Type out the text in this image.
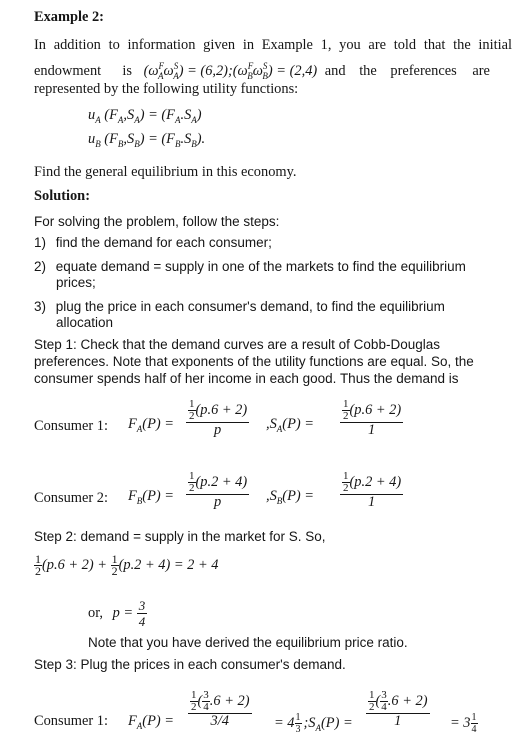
Example 2:
In addition to information given in Example 1, you are told that the initial
endowment is $(\omega^F_A\omega^S_A)$ = $(6,2);(\omega^F_B\omega^S_B) = (2,4)$ and the preferences are
represented by the following utility functions:
$u_A$ $(F_A,S_A) = (F_A.S_A)$
$u_B$ $(F_B,S_B) = (F_B.S_B)$.
Find the general equilibrium in this economy.
Solution:
For solving the problem, follow the steps:
1) find the demand for each consumer;
2) equate demand = supply in one of the markets to find the equilibrium
prices;
3) plug the price in each consumer's demand, to find the equilibrium
allocation
Step 1: Check that the demand curves are a result of Cobb-Douglas
preferences. Note that exponents of the utility functions are equal. So, the
consumer spends half of her income in each good. Thus the demand is
Consumer 1: $F_A(P) = \frac{\frac{1}{2} (p.6 + 2)}{p} ,S_A(P) = \frac{\frac{1}{2} (p.6 + 2)}{1}$
Consumer 2: $F_B(P) = \frac{\frac{1}{2} (p.2 + 4)}{p} ,S_B(P) = \frac{\frac{1}{2} (p.2 + 4)}{1}$
Step 2: demand = supply in the market for S. So,
$\frac{1}{2} (p.6 + 2) + \frac{1}{2} (p.2 + 4) = 2 + 4$
or, $p = \frac{3}{4}$
Note that you have derived the equilibrium price ratio.
Step 3: Plug the prices in each consumer's demand.
Consumer 1: $F_A(P) = \frac{\frac{1}{2} ( \frac{3}{4} .6 + 2)}{3/4} = 4 \frac{1}{3}$ $;S_A(P) = \frac{\frac{1}{2} ( \frac{3}{4} .6 + 2)}{1} = 3 \frac{1}{4}$
